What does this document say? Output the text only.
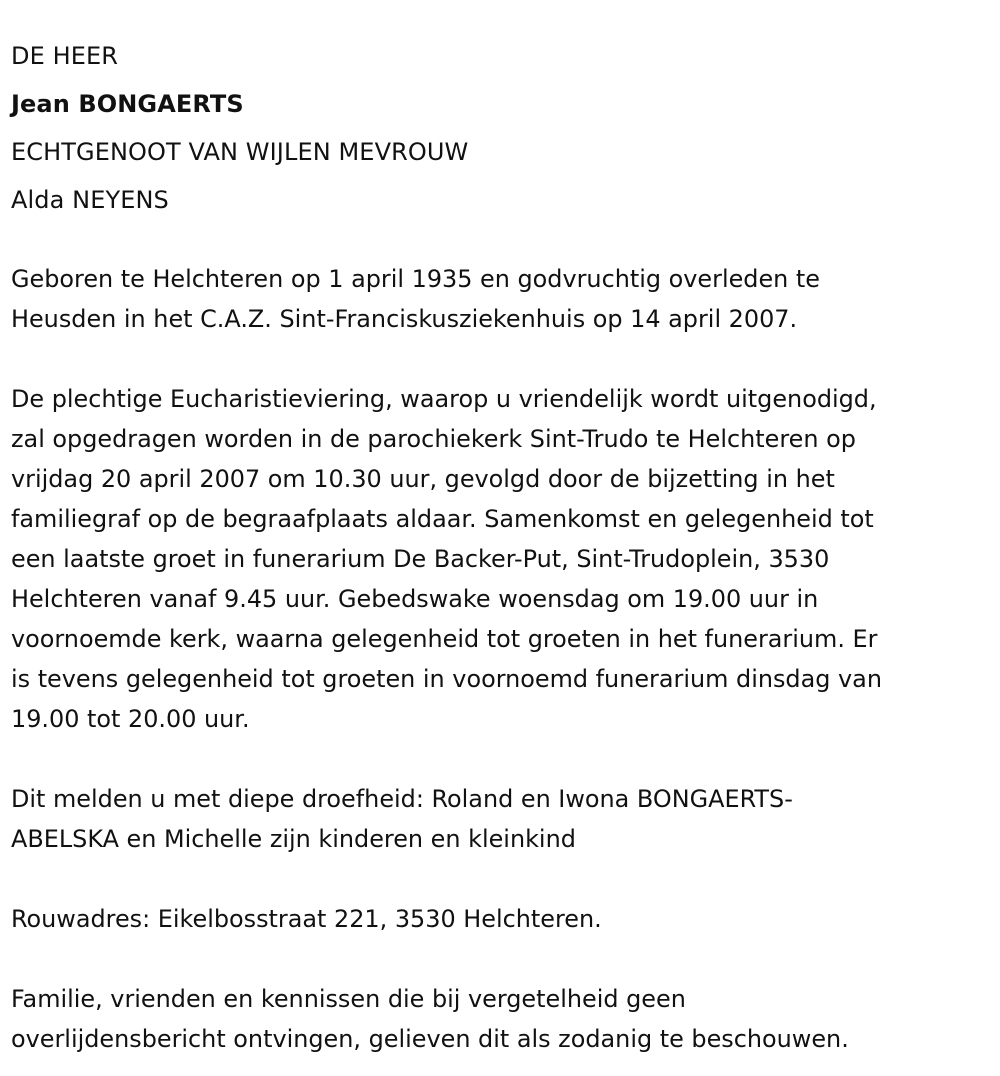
DE HEER

Jean BONGAERTS

ECHTGENOOT VAN WIJLEN MEVROUW

Alda NEYENS

Geboren te Helchteren op 1 april 1935 en godvruchtig overleden te
Heusden in het C.A.Z. Sint-Franciskusziekenhuis op 14 april 2007.
De plechtige Eucharistieviering, waarop u vriendelijk wordt uitgenodigd,
zal opgedragen worden in de parochiekerk Sint-Trudo te Helchteren op
vrijdag 20 april 2007 om 10.30 uur, gevolgd door de bijzetting in het
familiegraf op de begraafplaats aldaar. Samenkomst en gelegenheid tot
een laatste groet in funerarium De Backer-Put, Sint-Trudoplein, 3530
Helchteren vanaf 9.45 uur. Gebedswake woensdag om 19.00 uur in
voornoemde kerk, waarna gelegenheid tot groeten in het funerarium. Er
is tevens gelegenheid tot groeten in voornoemd funerarium dinsdag van
19.00 tot 20.00 uur.
Dit melden u met diepe droefheid: Roland en Iwona BONGAERTS-
ABELSKA en Michelle zijn kinderen en kleinkind
Rouwadres: Eikelbosstraat 221, 3530 Helchteren.
Familie, vrienden en kennissen die bij vergetelheid geen
overlijdensbericht ontvingen, gelieven dit als zodanig te beschouwen.
